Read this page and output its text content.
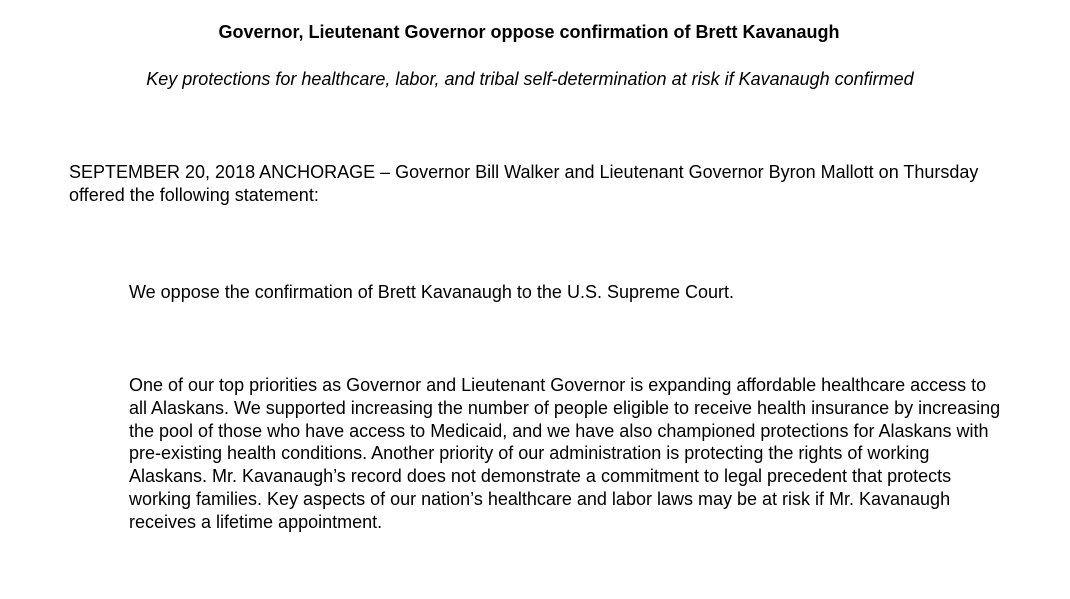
Governor, Lieutenant Governor oppose confirmation of Brett Kavanaugh

Key protections for healthcare, labor, and tribal self-determination at risk if Kavanaugh confirmed

SEPTEMBER 20, 2018 ANCHORAGE – Governor Bill Walker and Lieutenant Governor Byron Mallott on Thursday offered the following statement:

We oppose the confirmation of Brett Kavanaugh to the U.S. Supreme Court.

One of our top priorities as Governor and Lieutenant Governor is expanding affordable healthcare access to all Alaskans. We supported increasing the number of people eligible to receive health insurance by increasing the pool of those who have access to Medicaid, and we have also championed protections for Alaskans with pre-existing health conditions. Another priority of our administration is protecting the rights of working Alaskans. Mr. Kavanaugh’s record does not demonstrate a commitment to legal precedent that protects working families. Key aspects of our nation’s healthcare and labor laws may be at risk if Mr. Kavanaugh receives a lifetime appointment.
